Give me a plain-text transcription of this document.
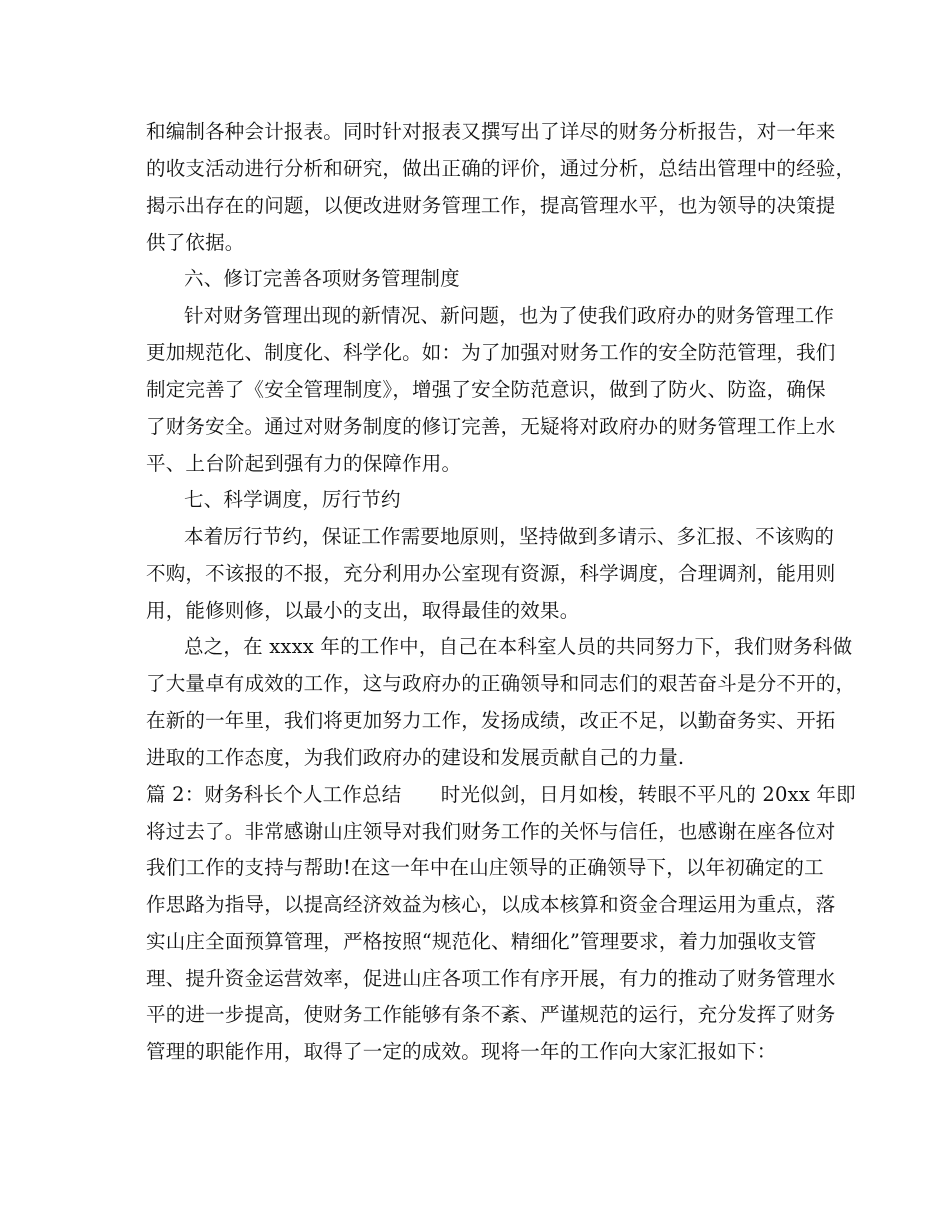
和编制各种会计报表。同时针对报表又撰写出了详尽的财务分析报告，对一年来
的收支活动进行分析和研究，做出正确的评价，通过分析，总结出管理中的经验，
揭示出存在的问题，以便改进财务管理工作，提高管理水平，也为领导的决策提
供了依据。
六、修订完善各项财务管理制度
针对财务管理出现的新情况、新问题，也为了使我们政府办的财务管理工作
更加规范化、制度化、科学化。如：为了加强对财务工作的安全防范管理，我们
制定完善了《安全管理制度》，增强了安全防范意识，做到了防火、防盗，确保
了财务安全。通过对财务制度的修订完善，无疑将对政府办的财务管理工作上水
平、上台阶起到强有力的保障作用。
七、科学调度，厉行节约
本着厉行节约，保证工作需要地原则，坚持做到多请示、多汇报、不该购的
不购，不该报的不报，充分利用办公室现有资源，科学调度，合理调剂，能用则
用，能修则修，以最小的支出，取得最佳的效果。
总之，在 xxxx 年的工作中，自己在本科室人员的共同努力下，我们财务科做
了大量卓有成效的工作，这与政府办的正确领导和同志们的艰苦奋斗是分不开的，
在新的一年里，我们将更加努力工作，发扬成绩，改正不足，以勤奋务实、开拓
进取的工作态度，为我们政府办的建设和发展贡献自己的力量.
篇 2：财务科长个人工作总结　　时光似剑，日月如梭，转眼不平凡的 20xx 年即
将过去了。非常感谢山庄领导对我们财务工作的关怀与信任，也感谢在座各位对
我们工作的支持与帮助!在这一年中在山庄领导的正确领导下，以年初确定的工
作思路为指导，以提高经济效益为核心，以成本核算和资金合理运用为重点，落
实山庄全面预算管理，严格按照“规范化、精细化”管理要求，着力加强收支管
理、提升资金运营效率，促进山庄各项工作有序开展，有力的推动了财务管理水
平的进一步提高，使财务工作能够有条不紊、严谨规范的运行，充分发挥了财务
管理的职能作用，取得了一定的成效。现将一年的工作向大家汇报如下：
